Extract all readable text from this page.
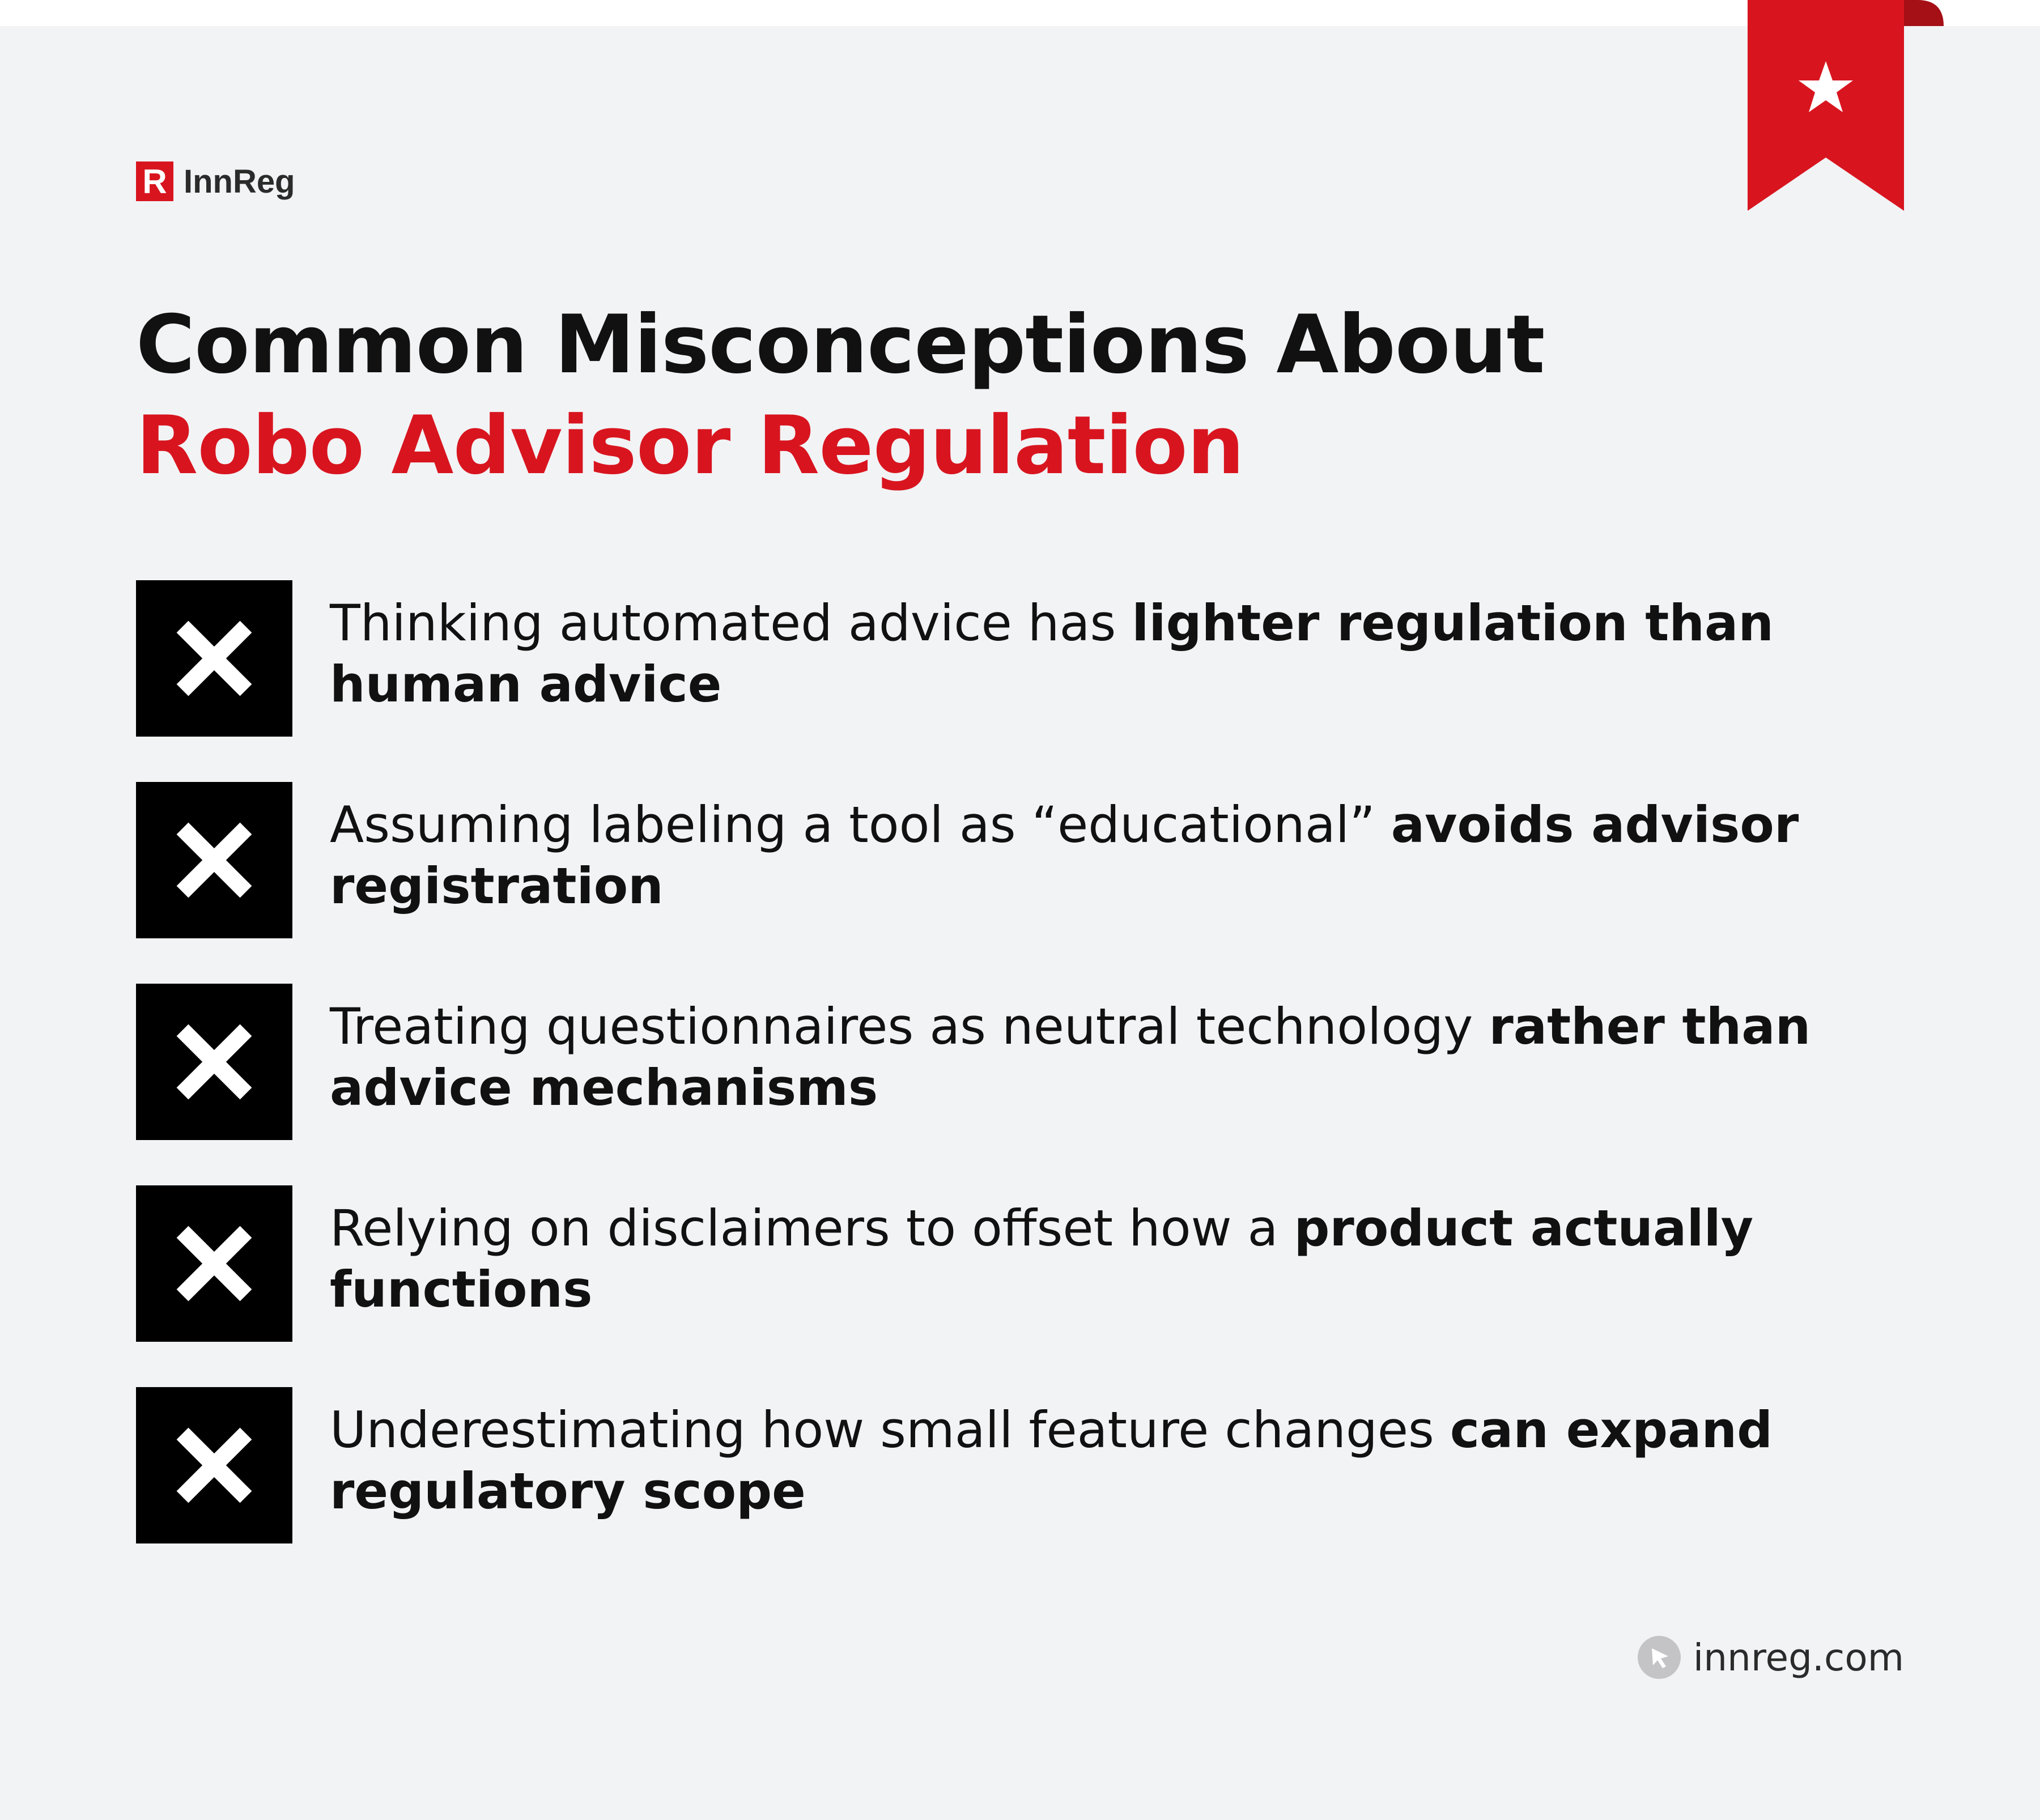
R InnReg
Common Misconceptions About
Robo Advisor Regulation
Thinking automated advice has lighter regulation than human advice
Assuming labeling a tool as “educational” avoids advisor registration
Treating questionnaires as neutral technology rather than advice mechanisms
Relying on disclaimers to offset how a product actually functions
Underestimating how small feature changes can expand regulatory scope
innreg.com
